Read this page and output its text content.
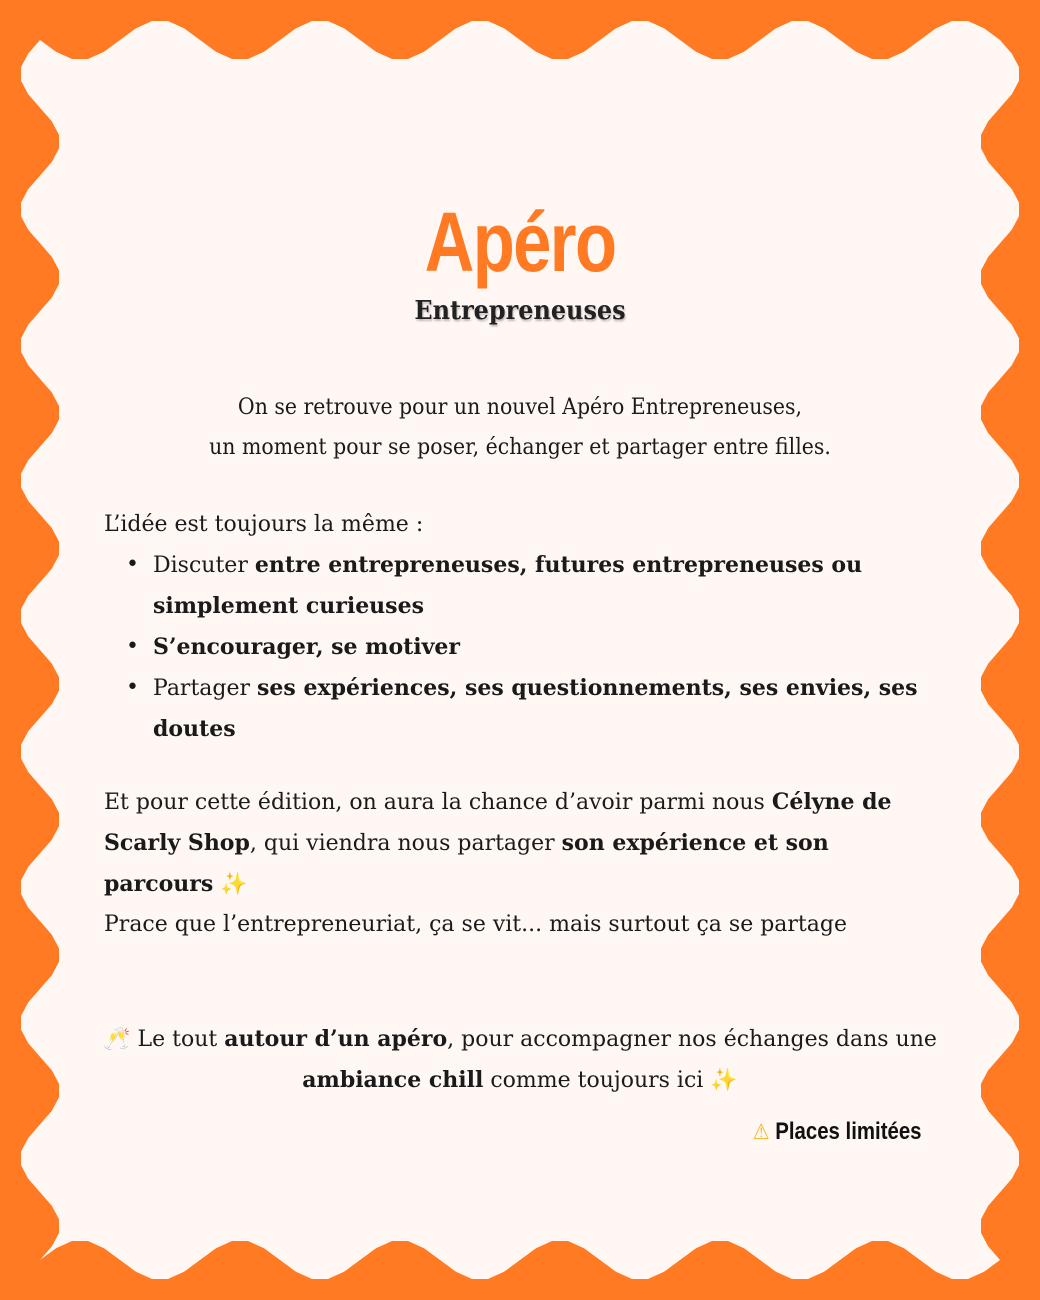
Apéro
Entrepreneuses
On se retrouve pour un nouvel Apéro Entrepreneuses,
un moment pour se poser, échanger et partager entre filles.
L’idée est toujours la même :
• Discuter entre entrepreneuses, futures entrepreneuses ou simplement curieuses
• S’encourager, se motiver
• Partager ses expériences, ses questionnements, ses envies, ses doutes
Et pour cette édition, on aura la chance d’avoir parmi nous Célyne de Scarly Shop, qui viendra nous partager son expérience et son parcours ✨
Prace que l’entrepreneuriat, ça se vit... mais surtout ça se partage
🥂 Le tout autour d’un apéro, pour accompagner nos échanges dans une ambiance chill comme toujours ici ✨
⚠ Places limitées
